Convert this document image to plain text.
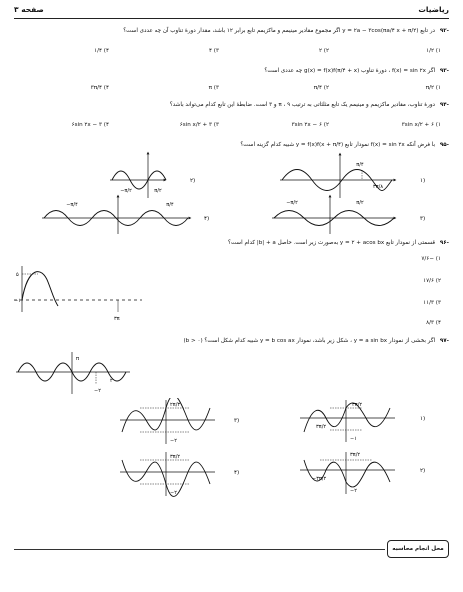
ریاضیات
صفحه ۳
-۹۲ در تابع ‎y = ۲a − ۳cos(πa/۴ x + π/۲)‎ اگر مجموع مقادیر مینیمم و ماکزیمم تابع برابر ۱۲ باشد، مقدار دورهٔ تناوب آن چه عددی است؟
۱) ۱/۲
۲) ۲
۳) ۴
۴) ۱/۴
-۹۳ اگر ‎f(x) = sin ۲x‎ ، دورهٔ تناوب ‎g(x) = f(x)f(π/۴ + x)‎ چه عددی است؟
۱) π/۲
۲) π/۴
۳) π
۴) ۳π/۴
-۹۴ دورهٔ تناوب، مقادیر ماکزیمم و مینیمم یک تابع مثلثاتی به ترتیب π ، ۹ و ۳ است. ضابطهٔ این تابع کدام می‌تواند باشد؟
۱) ۶ + ۳sin x/۲
۲) ۶ − ۳sin ۲x
۳) ۳ + ۶sin x/۲
۴) ۳ − ۶sin ۲x
-۹۵ با فرض آنکه ‎f(x) = sin ۲x‎ نمودار تابع ‎y = f(x)f(x + π/۴)‎ شبیه کدام گزینه است؟
π/۴
۳π/۸
۱)
−π/۲	π/۲
۲)
−π/۲	π/۲
۳)
−π/۴	π/۴
۴)
-۹۶ قسمتی از نمودار تابع ‎y = ۲ + acos bx‎ به‌صورت زیر است. حاصل ‎|b| + a‎ کدام است؟
۱) −۷/۶
۲) ۱۷/۶
۳) ۱۱/۳
۴) ۸/۳
۵
−۱
۳π
-۹۷ اگر بخشی از نمودار ‎y = a sin bx‎ ، شکل زیر باشد، نمودار ‎y = b cos ax‎ شبیه کدام شکل است؟ ‎(b > ۰)‎
π
۲
−۲
۳π/۲
۳π/۲
−۱
۱)
۳π/۲
−۳π/۲
−۲
۲)
۲π/۳
−۲
۳)
۳π/۲
−۲
۴)
محل انجام محاسبه
